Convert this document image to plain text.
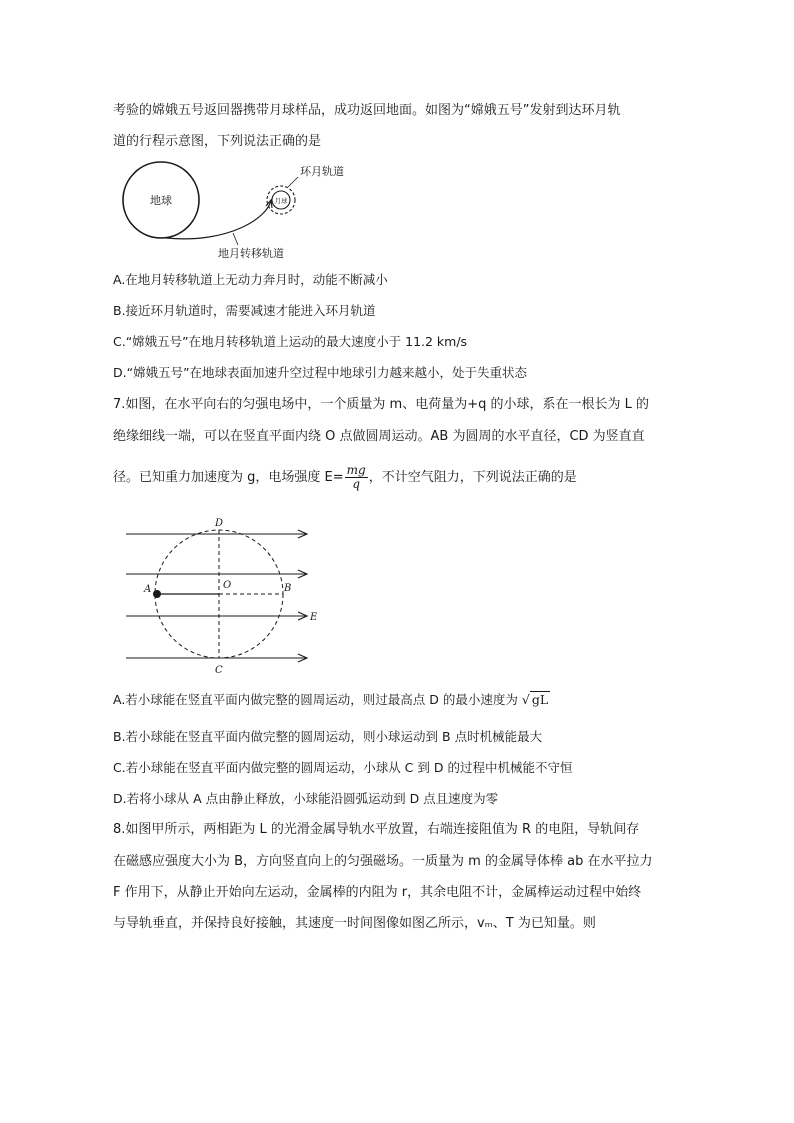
考验的嫦娥五号返回器携带月球样品，成功返回地面。如图为“嫦娥五号”发射到达环月轨
道的行程示意图，下列说法正确的是
地球	月球
环月轨道
地月转移轨道
A.在地月转移轨道上无动力奔月时，动能不断减小
B.接近环月轨道时，需要减速才能进入环月轨道
C.“嫦娥五号”在地月转移轨道上运动的最大速度小于 11.2 km/s
D.“嫦娥五号”在地球表面加速升空过程中地球引力越来越小，处于失重状态
7.如图，在水平向右的匀强电场中，一个质量为 m、电荷量为+q 的小球，系在一根长为 L 的
绝缘细线一端，可以在竖直平面内绕 O 点做圆周运动。AB 为圆周的水平直径，CD 为竖直直
径。已知重力加速度为 g，电场强度 $E= \frac{mg}{q}$ ，不计空气阻力，下列说法正确的是
D
A	O	B
E
C
A.若小球能在竖直平面内做完整的圆周运动，则过最高点 D 的最小速度为 √ gL
B.若小球能在竖直平面内做完整的圆周运动，则小球运动到 B 点时机械能最大
C.若小球能在竖直平面内做完整的圆周运动，小球从 C 到 D 的过程中机械能不守恒
D.若将小球从 A 点由静止释放，小球能沿圆弧运动到 D 点且速度为零
8.如图甲所示，两相距为 L 的光滑金属导轨水平放置，右端连接阻值为 R 的电阻，导轨间存
在磁感应强度大小为 B，方向竖直向上的匀强磁场。一质量为 m 的金属导体棒 ab 在水平拉力
F 作用下，从静止开始向左运动，金属棒的内阻为 r，其余电阻不计，金属棒运动过程中始终
与导轨垂直，并保持良好接触，其速度一时间图像如图乙所示，vₘ、T 为已知量。则
